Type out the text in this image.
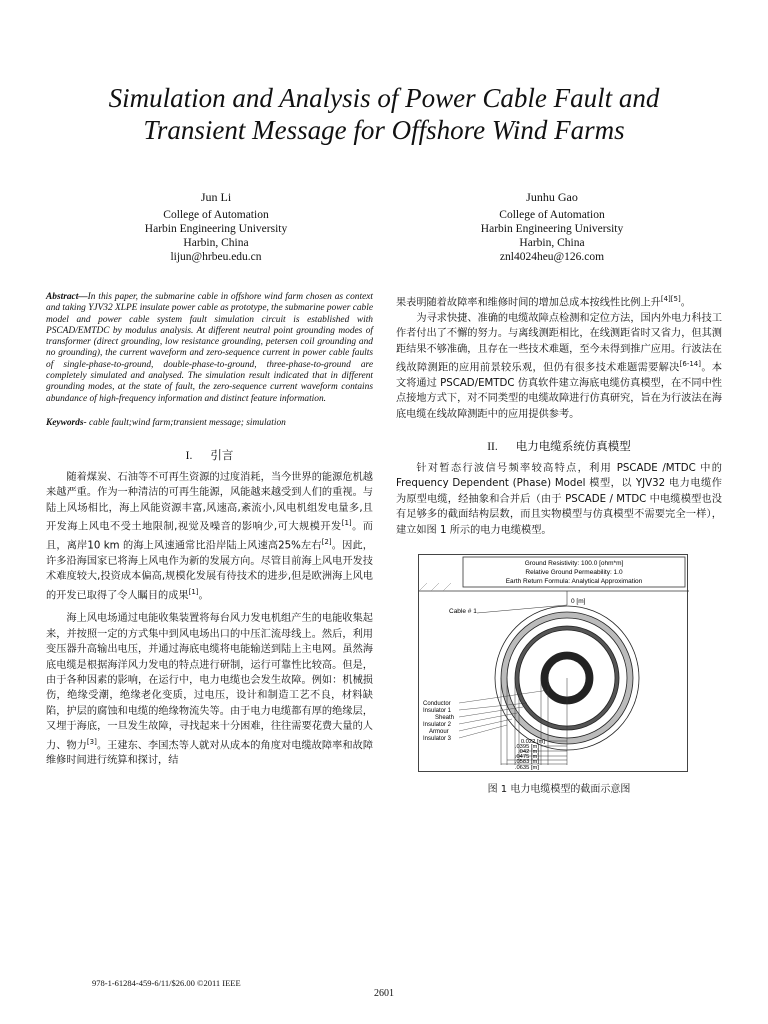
Simulation and Analysis of Power Cable Fault and
Transient Message for Offshore Wind Farms
Jun Li
College of Automation
Harbin Engineering University
Harbin, China
lijun@hrbeu.edu.cn
Junhu Gao
College of Automation
Harbin Engineering University
Harbin, China
znl4024heu@126.com

Abstract—In this paper, the submarine cable in offshore wind farm chosen as context and taking YJV32 XLPE insulate power cable as prototype, the submarine power cable model and power cable system fault simulation circuit is established with PSCAD/EMTDC by modulus analysis. At different neutral point grounding modes of transformer (direct grounding, low resistance grounding, petersen coil grounding and no grounding), the current waveform and zero-sequence current in power cable faults of single-phase-to-ground, double-phase-to-ground, three-phase-to-ground are completely simulated and analysed. The simulation result indicated that in different grounding modes, at the state of fault, the zero-sequence current waveform contains abundance of high-frequency information and distinct feature information.

Keywords- cable fault;wind farm;transient message; simulation

I. 引言

随着煤炭、石油等不可再生资源的过度消耗，当今世界的能源危机越来越严重。作为一种清洁的可再生能源，风能越来越受到人们的重视。与陆上风场相比，海上风能资源丰富,风速高,紊流小,风电机组发电量多,且开发海上风电不受土地限制,视觉及噪音的影响少,可大规模开发[1]。而且，离岸10 km 的海上风速通常比沿岸陆上风速高25%左右[2]。因此，许多沿海国家已将海上风电作为新的发展方向。尽管目前海上风电开发技术难度较大,投资成本偏高,规模化发展有待技术的进步,但是欧洲海上风电的开发已取得了令人瞩目的成果[1]。

海上风电场通过电能收集装置将每台风力发电机组产生的电能收集起来，并按照一定的方式集中到风电场出口的中压汇流母线上。然后，利用变压器升高输出电压，并通过海底电缆将电能输送到陆上主电网。虽然海底电缆是根据海洋风力发电的特点进行研制，运行可靠性比较高。但是，由于各种因素的影响，在运行中，电力电缆也会发生故障。例如：机械损伤，绝缘受潮，绝缘老化变质，过电压，设计和制造工艺不良，材料缺陷，护层的腐蚀和电缆的绝缘物流失等。由于电力电缆都有厚的绝缘层，又埋于海底，一旦发生故障，寻找起来十分困难，往往需要花费大量的人力、物力[3]。王建东、李国杰等人就对从成本的角度对电缆故障率和故障维修时间进行统算和探讨，结

果表明随着故障率和维修时间的增加总成本按线性比例上升[4][5]。

为寻求快捷、准确的电缆故障点检测和定位方法，国内外电力科技工作者付出了不懈的努力。与离线测距相比，在线测距省时又省力，但其测距结果不够准确，且存在一些技术难题，至今未得到推广应用。行波法在线故障测距的应用前景较乐观，但仍有很多技术难题需要解决[6-14]。本文将通过 PSCAD/EMTDC 仿真软件建立海底电缆仿真模型，在不同中性点接地方式下，对不同类型的电缆故障进行仿真研究，旨在为行波法在海底电缆在线故障测距中的应用提供参考。

II. 电力电缆系统仿真模型

针对暂态行波信号频率较高特点，利用 PSCADE /MTDC 中的 Frequency Dependent (Phase) Model 模型，以 YJV32 电力电缆作为原型电缆，经抽象和合并后（由于 PSCADE / MTDC 中电缆模型也没有足够多的截面结构层数，而且实物模型与仿真模型不需要完全一样），建立如图 1 所示的电力电缆模型。

Ground Resistivity: 100.0 [ohm*m]
Relative Ground Permeability: 1.0
Earth Return Formula: Analytical Approximation
0 [m]
Cable # 1
Conductor
Insulator 1
Sheath
Insulator 2
Armour
Insulator 3	0.022 [m]
.0395 [m]
.042 [m]
.0475 [m]
.0583 [m]
.0635 [m]
图 1 电力电缆模型的截面示意图
978-1-61284-459-6/11/$26.00 ©2011 IEEE
2601
